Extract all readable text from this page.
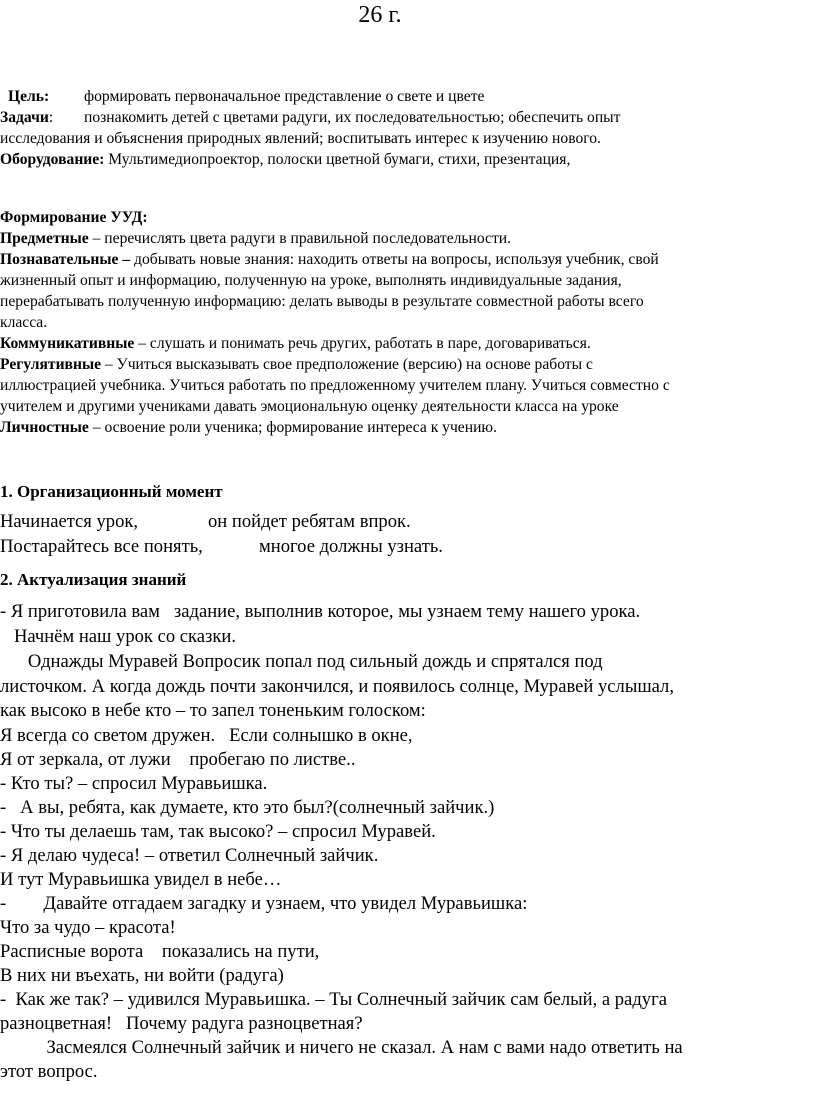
26 г.
Цель: формировать первоначальное представление о свете и цвете
Задачи: познакомить детей с цветами радуги, их последовательностью; обеспечить опыт
исследования и объяснения природных явлений; воспитывать интерес к изучению нового.
Оборудование: Мультимедиопроектор, полоски цветной бумаги, стихи, презентация,
Формирование УУД:
Предметные – перечислять цвета радуги в правильной последовательности.
Познавательные – добывать новые знания: находить ответы на вопросы, используя учебник, свой
жизненный опыт и информацию, полученную на уроке, выполнять индивидуальные задания,
перерабатывать полученную информацию: делать выводы в результате совместной работы всего
класса.
Коммуникативные – слушать и понимать речь других, работать в паре, договариваться.
Регулятивные – Учиться высказывать свое предположение (версию) на основе работы с
иллюстрацией учебника. Учиться работать по предложенному учителем плану. Учиться совместно с
учителем и другими учениками давать эмоциональную оценку деятельности класса на уроке
Личностные – освоение роли ученика; формирование интереса к учению.
1. Организационный момент
Начинается урок,	он пойдет ребятам впрок.
Постарайтесь все понять,	многое должны узнать.
2. Актуализация знаний
- Я приготовила вам   задание, выполнив которое, мы узнаем тему нашего урока.
Начнём наш урок со сказки.
Однажды Муравей Вопросик попал под сильный дождь и спрятался под
листочком. А когда дождь почти закончился, и появилось солнце, Муравей услышал,
как высоко в небе кто – то запел тоненьким голоском:
Я всегда со светом дружен.   Если солнышко в окне,
Я от зеркала, от лужи    пробегаю по листве..
- Кто ты? – спросил Муравьишка.
-   А вы, ребята, как думаете, кто это был?(солнечный зайчик.)
- Что ты делаешь там, так высоко? – спросил Муравей.
- Я делаю чудеса! – ответил Солнечный зайчик.
И тут Муравьишка увидел в небе…
-        Давайте отгадаем загадку и узнаем, что увидел Муравьишка:
Что за чудо – красота!
Расписные ворота    показались на пути,
В них ни въехать, ни войти (радуга)
-  Как же так? – удивился Муравьишка. – Ты Солнечный зайчик сам белый, а радуга
разноцветная!   Почему радуга разноцветная?
Засмеялся Солнечный зайчик и ничего не сказал. А нам с вами надо ответить на
этот вопрос.
